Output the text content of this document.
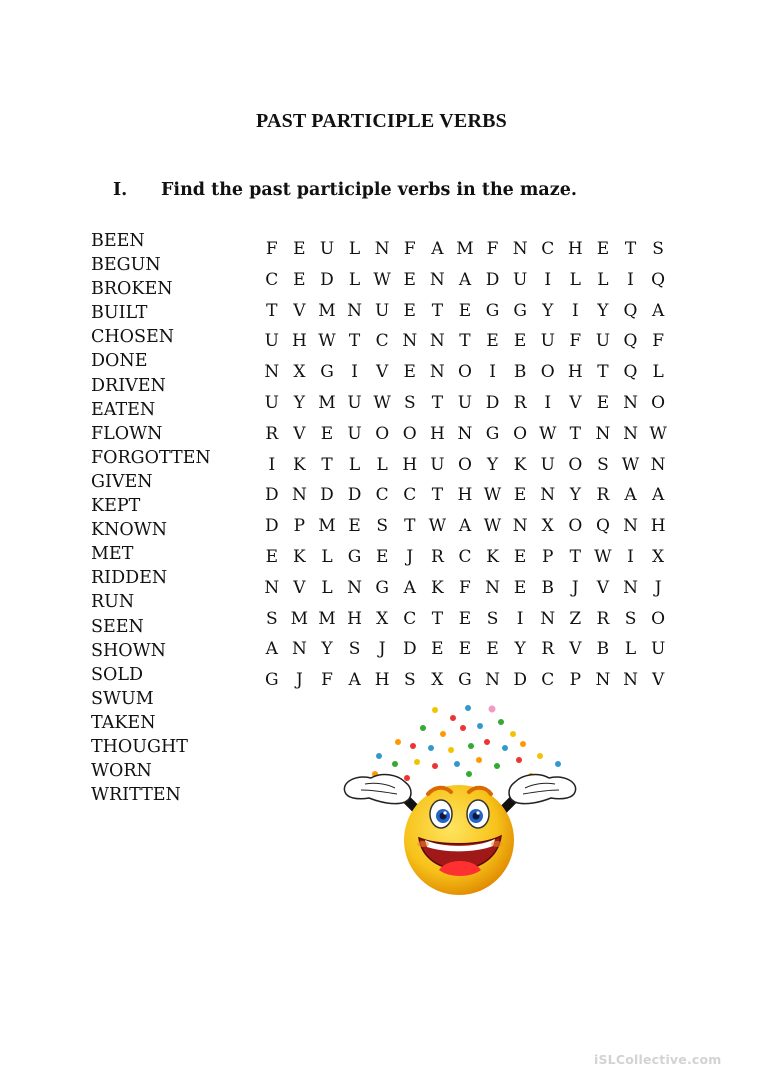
PAST PARTICIPLE VERBS
I. Find the past participle verbs in the maze.
BEEN
BEGUN
BROKEN
BUILT
CHOSEN
DONE
DRIVEN
EATEN
FLOWN
FORGOTTEN
GIVEN
KEPT
KNOWN
MET
RIDDEN
RUN
SEEN
SHOWN
SOLD
SWUM
TAKEN
THOUGHT
WORN
WRITTEN
F E U L N F A M F N C H E T S
C E D L W E N A D U	I	L L	I	Q
T V M N U E T E G G Y	I	Y Q A
U H W T C N N T E E U F U Q F
N X G	I	V E N O	I	B O H T Q L
U Y M U W S T U D R	I	V E N O
R V E U O O H N G O W T N N W
I	K T L L H U O Y K U O S W N
D N D D C C T H W E N Y R A A
D P M E S T W A W N X O Q N H
E K L G E	J	R C K E P T W I	X
N V L N G A K F N E B	J	V N J
S M M H X C T E S	I N Z R S O
A N Y S	J	D E E E Y R V B L U
G	J	F A H S X G N D C P N N V
iSLCollective.com
